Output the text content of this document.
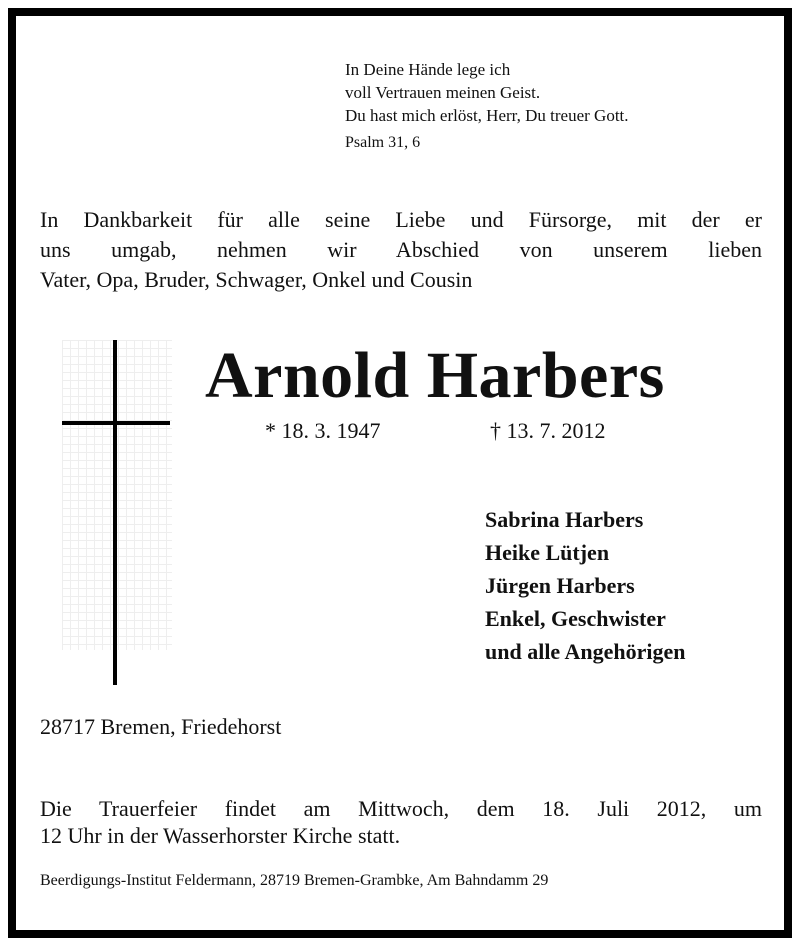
In Deine Hände lege ich
voll Vertrauen meinen Geist.
Du hast mich erlöst, Herr, Du treuer Gott.
Psalm 31, 6
In Dankbarkeit für alle seine Liebe und Fürsorge, mit der er
uns umgab, nehmen wir Abschied von unserem lieben
Vater, Opa, Bruder, Schwager, Onkel und Cousin
Arnold Harbers
* 18. 3. 1947	† 13. 7. 2012
Sabrina Harbers
Heike Lütjen
Jürgen Harbers
Enkel, Geschwister
und alle Angehörigen
28717 Bremen, Friedehorst
Die Trauerfeier findet am Mittwoch, dem 18. Juli 2012, um
12 Uhr in der Wasserhorster Kirche statt.
Beerdigungs-Institut Feldermann, 28719 Bremen-Grambke, Am Bahndamm 29
